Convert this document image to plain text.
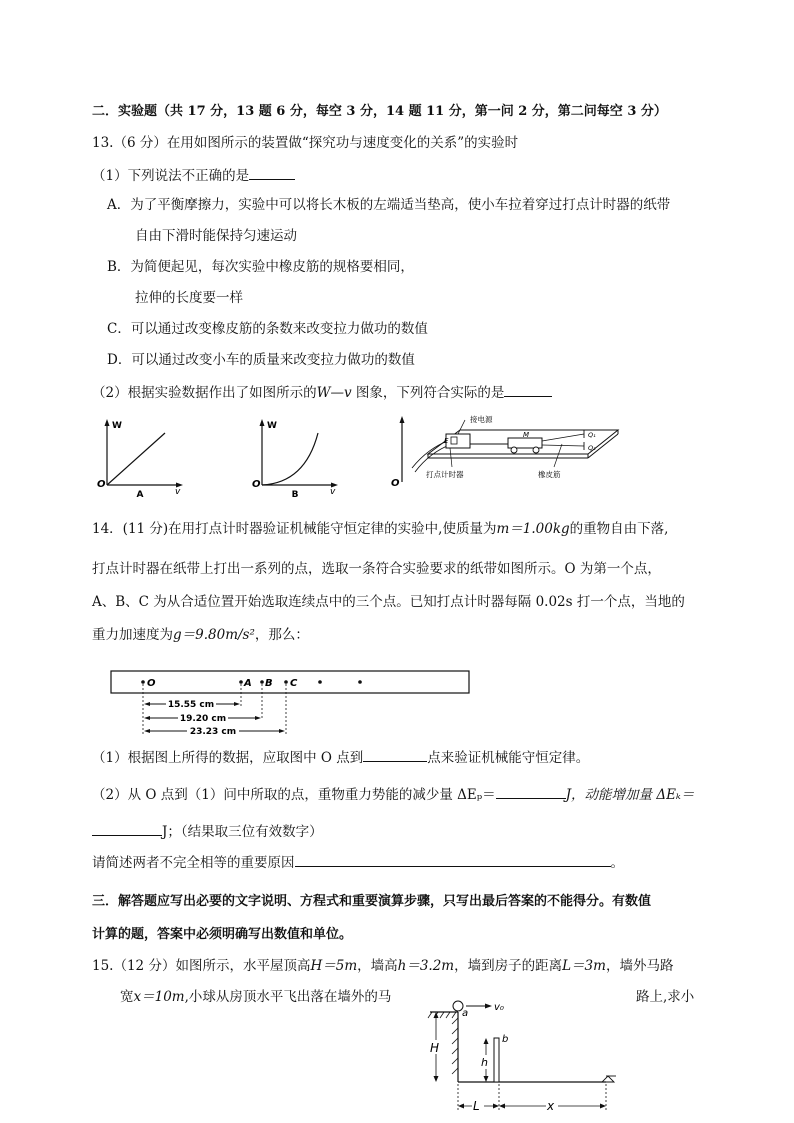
二．实验题（共 17 分，13 题 6 分，每空 3 分，14 题 11 分，第一问 2 分，第二问每空 3 分）
13.（6 分）在用如图所示的装置做“探究功与速度变化的关系”的实验时
（1）下列说法不正确的是
A．为了平衡摩擦力，实验中可以将长木板的左端适当垫高，使小车拉着穿过打点计时器的纸带
自由下滑时能保持匀速运动
B．为简便起见，每次实验中橡皮筋的规格要相同，
拉伸的长度要一样
C．可以通过改变橡皮筋的条数来改变拉力做功的数值
D．可以通过改变小车的质量来改变拉力做功的数值
（2）根据实验数据作出了如图所示的W—v 图象，下列符合实际的是
W
v
O
A
W
v
O
B
O
E
接电源
M	Q₁
Q₂
打点计时器	橡皮筋
14．(11 分)在用打点计时器验证机械能守恒定律的实验中,使质量为m＝1.00kg的重物自由下落,
打点计时器在纸带上打出一系列的点，选取一条符合实验要求的纸带如图所示。O 为第一个点，
A、B、C 为从合适位置开始选取连续点中的三个点。已知打点计时器每隔 0.02s 打一个点，当地的
重力加速度为g＝9.80m/s²，那么：
O	A B C
15.55 cm
19.20 cm
23.23 cm
（1）根据图上所得的数据，应取图中 O 点到	点来验证机械能守恒定律。
（2）从 O 点到（1）问中所取的点，重物重力势能的减少量 ΔEₚ＝	J，动能增加量 ΔEₖ＝
J；（结果取三位有效数字）
请简述两者不完全相等的重要原因	。
三．解答题应写出必要的文字说明、方程式和重要演算步骤，只写出最后答案的不能得分。有数值
计算的题，答案中必须明确写出数值和单位。
15.（12 分）如图所示，水平屋顶高H＝5m，墙高h＝3.2m，墙到房子的距离L＝3m，墙外马路
宽x＝10m,小球从房顶水平飞出落在墙外的马	路上,求小
a
v₀
b
H
h
L	x
